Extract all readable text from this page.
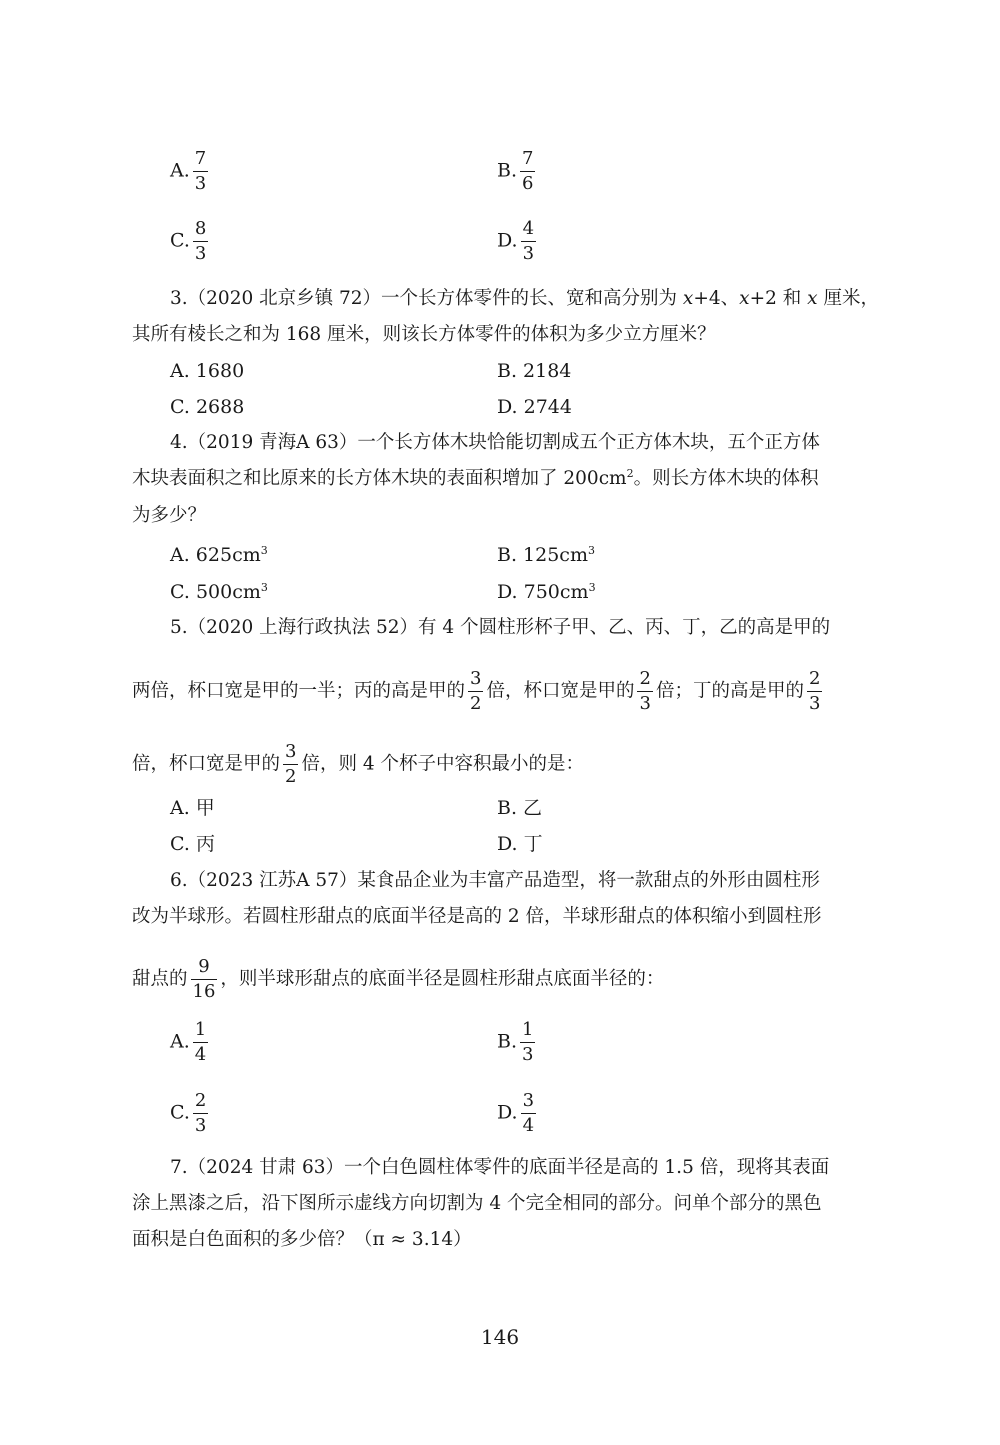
A. $\frac{7}{3}$	B. $\frac{7}{6}$
C. $\frac{8}{3}$	D. $\frac{4}{3}$
3.（2020 北京乡镇 72）一个长方体零件的长、宽和高分别为 x+4、x+2 和 x 厘米，
其所有棱长之和为 168 厘米，则该长方体零件的体积为多少立方厘米？
A. 1680	B. 2184
C. 2688	D. 2744
4.（2019 青海A 63）一个长方体木块恰能切割成五个正方体木块，五个正方体
木块表面积之和比原来的长方体木块的表面积增加了 $200cm^2$。则长方体木块的体积
为多少？
A. $625cm^3$	B. $125cm^3$
C. $500cm^3$	D. $750cm^3$
5.（2020 上海行政执法 52）有 4 个圆柱形杯子甲、乙、丙、丁，乙的高是甲的
两倍，杯口宽是甲的一半；丙的高是甲的 $\frac{3}{2}$ 倍，杯口宽是甲的 $\frac{2}{3}$ 倍；丁的高是甲的 $\frac{2}{3}$
倍，杯口宽是甲的 $\frac{3}{2}$ 倍，则 4 个杯子中容积最小的是：
A. 甲	B. 乙
C. 丙	D. 丁
6.（2023 江苏A 57）某食品企业为丰富产品造型，将一款甜点的外形由圆柱形
改为半球形。若圆柱形甜点的底面半径是高的 2 倍，半球形甜点的体积缩小到圆柱形
甜点的 $\frac{9}{16}$ ，则半球形甜点的底面半径是圆柱形甜点底面半径的：
A. $\frac{1}{4}$	B. $\frac{1}{3}$
C. $\frac{2}{3}$	D. $\frac{3}{4}$
7.（2024 甘肃 63）一个白色圆柱体零件的底面半径是高的 1.5 倍，现将其表面
涂上黑漆之后，沿下图所示虚线方向切割为 4 个完全相同的部分。问单个部分的黑色
面积是白色面积的多少倍？（π ≈ 3.14）
146
